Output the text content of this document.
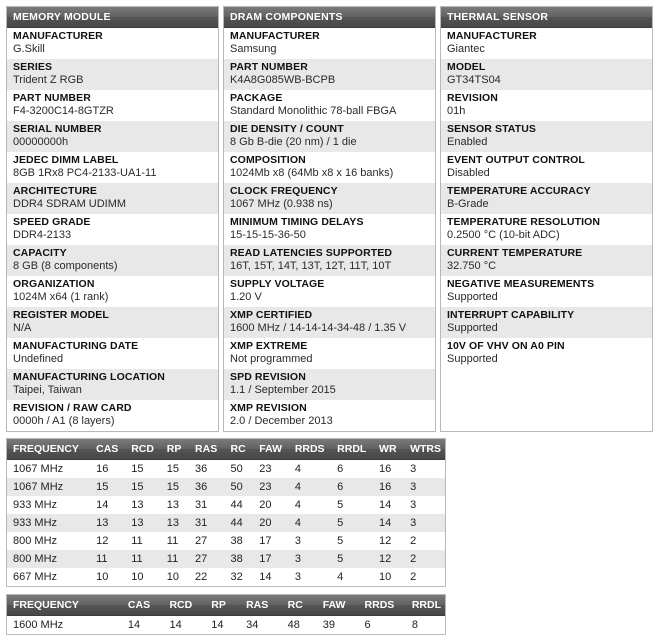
MEMORY MODULE
MANUFACTURER
G.Skill
SERIES
Trident Z RGB
PART NUMBER
F4-3200C14-8GTZR
SERIAL NUMBER
00000000h
JEDEC DIMM LABEL
8GB 1Rx8 PC4-2133-UA1-11
ARCHITECTURE
DDR4 SDRAM UDIMM
SPEED GRADE
DDR4-2133
CAPACITY
8 GB (8 components)
ORGANIZATION
1024M x64 (1 rank)
REGISTER MODEL
N/A
MANUFACTURING DATE
Undefined
MANUFACTURING LOCATION
Taipei, Taiwan
REVISION / RAW CARD
0000h / A1 (8 layers)
DRAM COMPONENTS
MANUFACTURER
Samsung
PART NUMBER
K4A8G085WB-BCPB
PACKAGE
Standard Monolithic 78-ball FBGA
DIE DENSITY / COUNT
8 Gb B-die (20 nm) / 1 die
COMPOSITION
1024Mb x8 (64Mb x8 x 16 banks)
CLOCK FREQUENCY
1067 MHz (0.938 ns)
MINIMUM TIMING DELAYS
15-15-15-36-50
READ LATENCIES SUPPORTED
16T, 15T, 14T, 13T, 12T, 11T, 10T
SUPPLY VOLTAGE
1.20 V
XMP CERTIFIED
1600 MHz / 14-14-14-34-48 / 1.35 V
XMP EXTREME
Not programmed
SPD REVISION
1.1 / September 2015
XMP REVISION
2.0 / December 2013
THERMAL SENSOR
MANUFACTURER
Giantec
MODEL
GT34TS04
REVISION
01h
SENSOR STATUS
Enabled
EVENT OUTPUT CONTROL
Disabled
TEMPERATURE ACCURACY
B-Grade
TEMPERATURE RESOLUTION
0.2500 °C (10-bit ADC)
CURRENT TEMPERATURE
32.750 °C
NEGATIVE MEASUREMENTS
Supported
INTERRUPT CAPABILITY
Supported
10V OF VHV ON A0 PIN
Supported
FREQUENCY	CAS	RCD	RP	RAS	RC	FAW	RRDS	RRDL	WR	WTRS
1067 MHz	16	15	15	36	50	23	4	6	16	3
1067 MHz	15	15	15	36	50	23	4	6	16	3
933 MHz	14	13	13	31	44	20	4	5	14	3
933 MHz	13	13	13	31	44	20	4	5	14	3
800 MHz	12	11	11	27	38	17	3	5	12	2
800 MHz	11	11	11	27	38	17	3	5	12	2
667 MHz	10	10	10	22	32	14	3	4	10	2
FREQUENCY	CAS	RCD	RP	RAS	RC	FAW	RRDS	RRDL
1600 MHz	14	14	14	34	48	39	6	8
